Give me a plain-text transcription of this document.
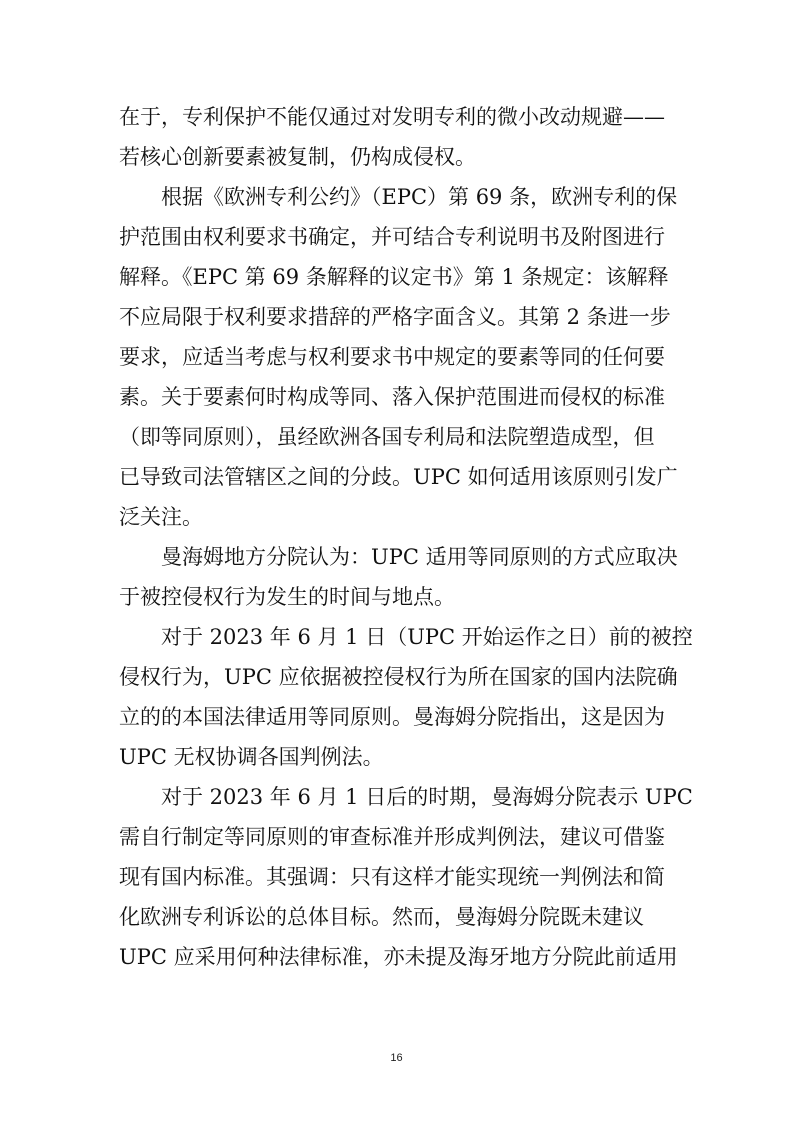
在于，专利保护不能仅通过对发明专利的微小改动规避——
若核心创新要素被复制，仍构成侵权。
　　根据《欧洲专利公约》（EPC）第 69 条，欧洲专利的保
护范围由权利要求书确定，并可结合专利说明书及附图进行
解释。《EPC 第 69 条解释的议定书》第 1 条规定：该解释
不应局限于权利要求措辞的严格字面含义。其第 2 条进一步
要求，应适当考虑与权利要求书中规定的要素等同的任何要
素。关于要素何时构成等同、落入保护范围进而侵权的标准
（即等同原则），虽经欧洲各国专利局和法院塑造成型，但
已导致司法管辖区之间的分歧。UPC 如何适用该原则引发广
泛关注。
　　曼海姆地方分院认为：UPC 适用等同原则的方式应取决
于被控侵权行为发生的时间与地点。
　　对于 2023 年 6 月 1 日（UPC 开始运作之日）前的被控
侵权行为，UPC 应依据被控侵权行为所在国家的国内法院确
立的的本国法律适用等同原则。曼海姆分院指出，这是因为
UPC 无权协调各国判例法。
　　对于 2023 年 6 月 1 日后的时期，曼海姆分院表示 UPC
需自行制定等同原则的审查标准并形成判例法，建议可借鉴
现有国内标准。其强调：只有这样才能实现统一判例法和简
化欧洲专利诉讼的总体目标。然而，曼海姆分院既未建议
UPC 应采用何种法律标准，亦未提及海牙地方分院此前适用
16
